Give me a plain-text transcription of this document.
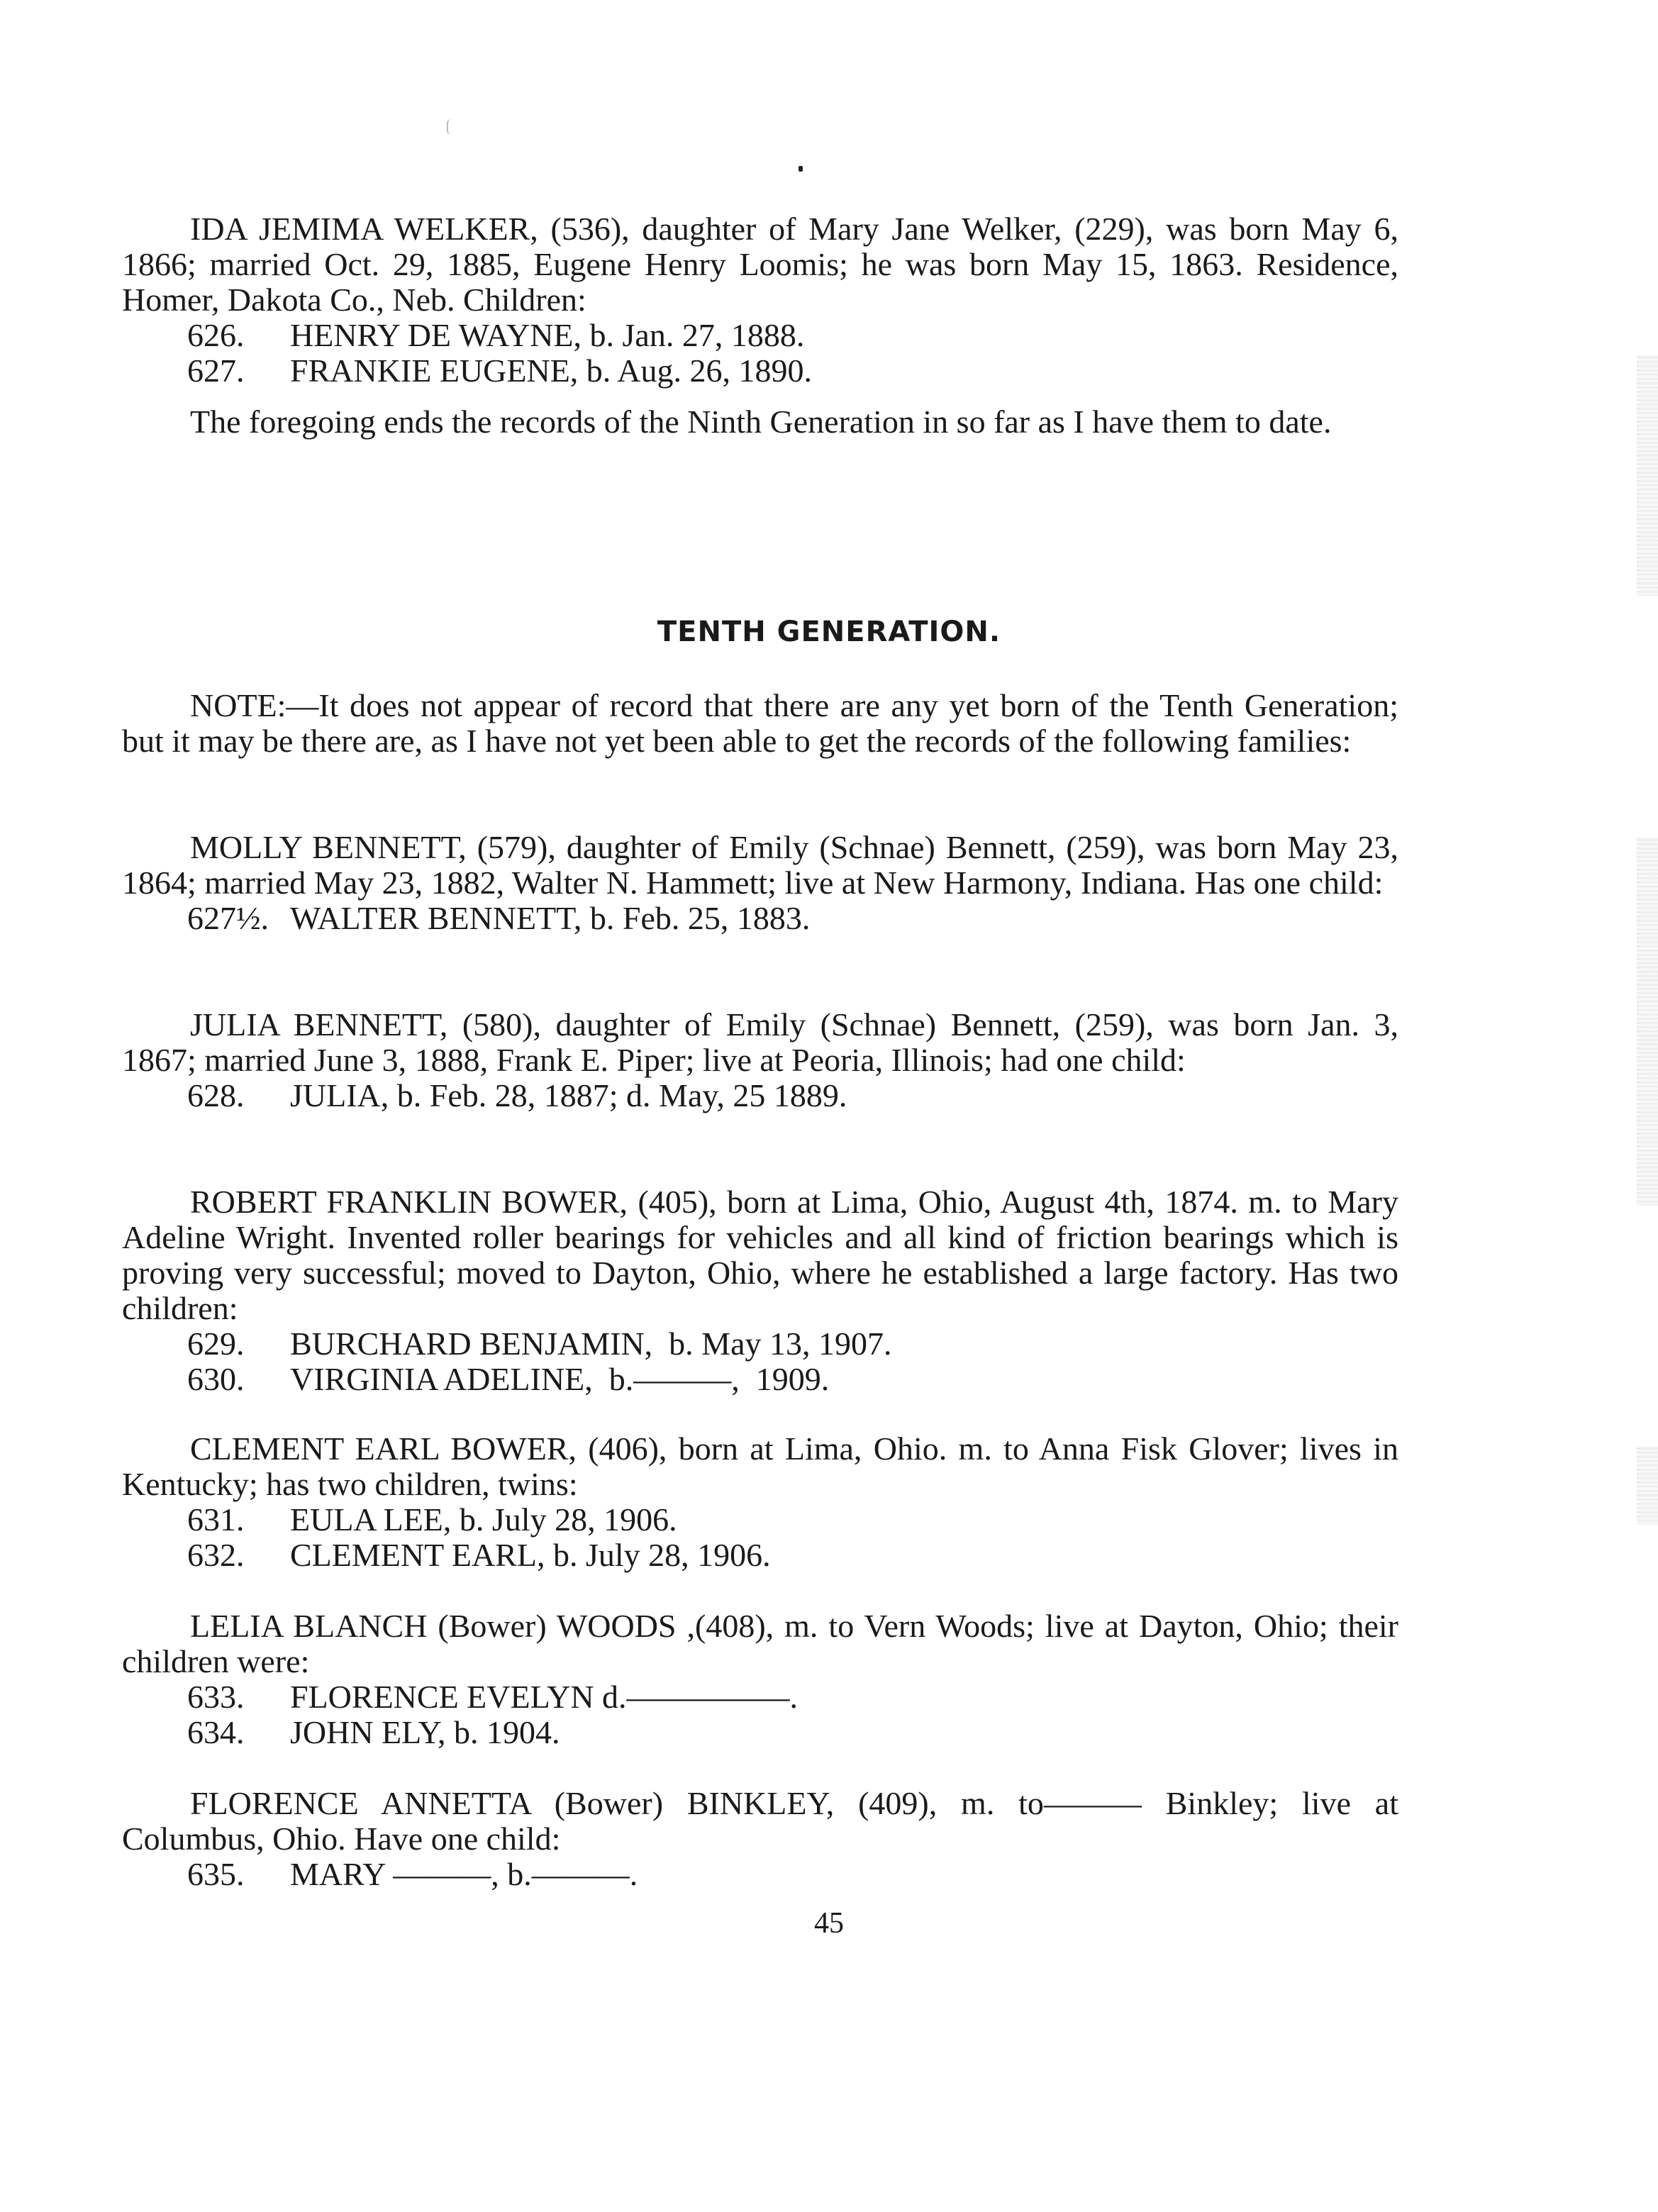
IDA JEMIMA WELKER, (536), daughter of Mary Jane Welker, (229), was born May 6, 1866; married Oct. 29, 1885, Eugene Henry Loomis; he was born May 15, 1863. Residence, Homer, Dakota Co., Neb. Children:

626. HENRY DE WAYNE, b. Jan. 27, 1888.
627. FRANKIE EUGENE, b. Aug. 26, 1890.

The foregoing ends the records of the Ninth Generation in so far as I have them to date.

TENTH GENERATION.

NOTE:—It does not appear of record that there are any yet born of the Tenth Generation; but it may be there are, as I have not yet been able to get the records of the following families:

MOLLY BENNETT, (579), daughter of Emily (Schnae) Bennett, (259), was born May 23, 1864; married May 23, 1882, Walter N. Hammett; live at New Harmony, Indiana. Has one child:

627½. WALTER BENNETT, b. Feb. 25, 1883.

JULIA BENNETT, (580), daughter of Emily (Schnae) Bennett, (259), was born Jan. 3, 1867; married June 3, 1888, Frank E. Piper; live at Peoria, Illinois; had one child:

628. JULIA, b. Feb. 28, 1887; d. May, 25 1889.

ROBERT FRANKLIN BOWER, (405), born at Lima, Ohio, August 4th, 1874. m. to Mary Adeline Wright. Invented roller bearings for vehicles and all kind of friction bearings which is proving very successful; moved to Dayton, Ohio, where he established a large factory. Has two children:

629. BURCHARD BENJAMIN,  b. May 13, 1907.
630. VIRGINIA ADELINE,  b.———,  1909.

CLEMENT EARL BOWER, (406), born at Lima, Ohio. m. to Anna Fisk Glover; lives in Kentucky; has two children, twins:

631. EULA LEE, b. July 28, 1906.
632. CLEMENT EARL, b. July 28, 1906.

LELIA BLANCH (Bower) WOODS ,(408), m. to Vern Woods; live at Dayton, Ohio; their children were:

633. FLORENCE EVELYN d.—————.
634. JOHN ELY, b. 1904.

FLORENCE ANNETTA (Bower) BINKLEY, (409), m. to——— Binkley; live at Columbus, Ohio. Have one child:

635. MARY ———, b.———.
45
